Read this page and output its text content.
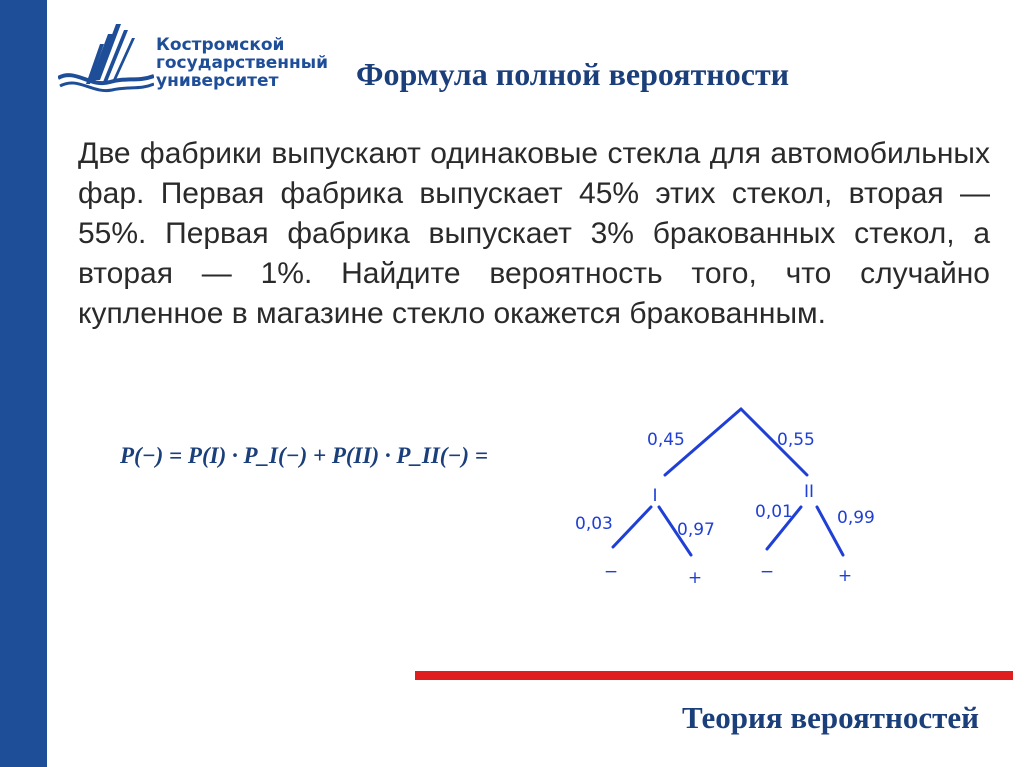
Костромской
государственный
университет	Формула полной вероятности

Две фабрики выпускают одинаковые стекла для автомобильных фар. Первая фабрика выпускает 45% этих стекол, вторая — 55%. Первая фабрика выпускает 3% бракованных стекол, а вторая — 1%. Найдите вероятность того, что случайно купленное в магазине стекло окажется бракованным.

P(−) = P(I) · P_I(−) + P(II) · P_II(−) =
0,45	0,55
I	II
0,03	0,97
0,01	0,99
−	+	−	+
Теория вероятностей
